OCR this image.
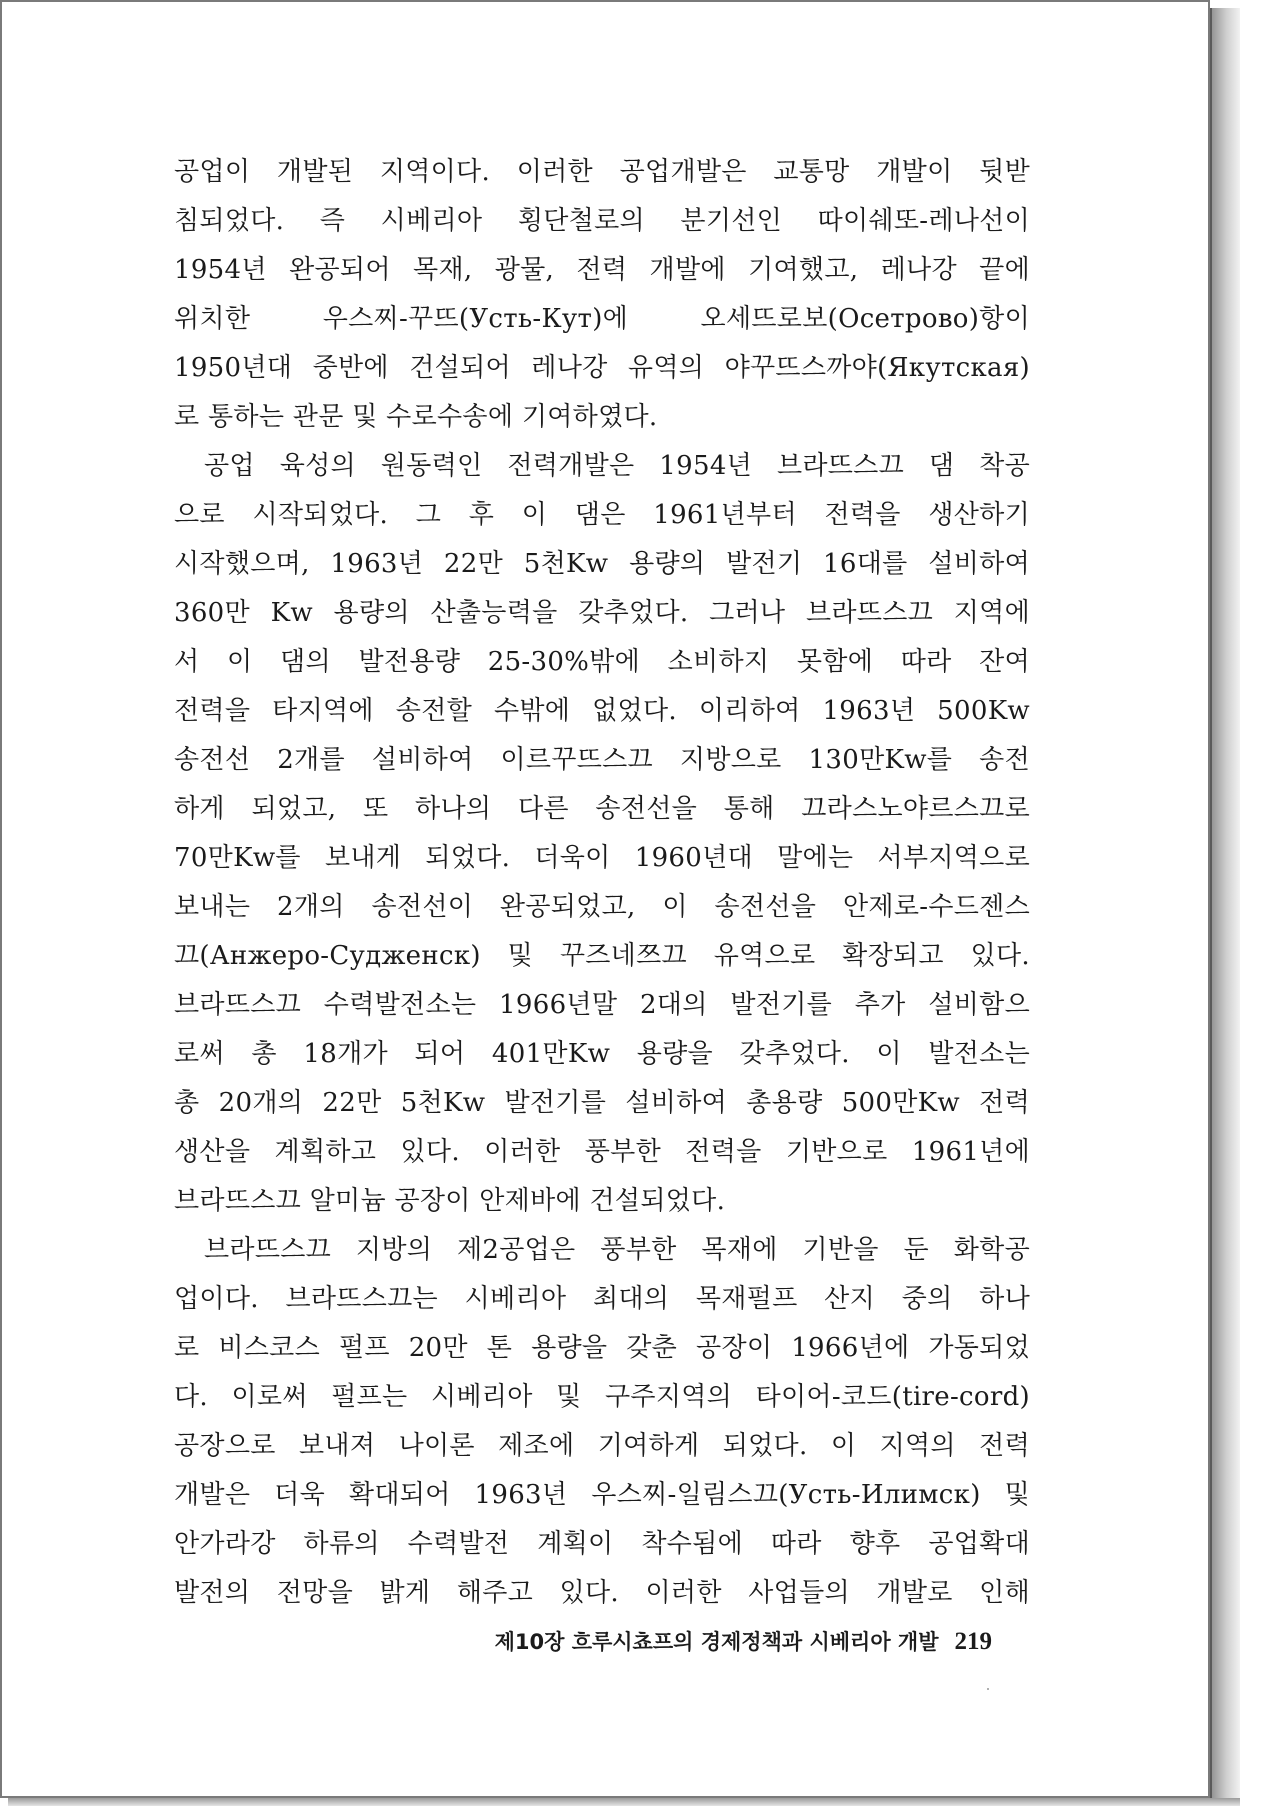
공업이 개발된 지역이다. 이러한 공업개발은 교통망 개발이 뒷받
침되었다. 즉 시베리아 횡단철로의 분기선인 따이쉐또-레나선이
1954년 완공되어 목재, 광물, 전력 개발에 기여했고, 레나강 끝에
위치한 우스찌-꾸뜨(Усть-Кут)에 오세뜨로보(Осетрово)항이
1950년대 중반에 건설되어 레나강 유역의 야꾸뜨스까야(Якутская)
로 통하는 관문 및 수로수송에 기여하였다.
공업 육성의 원동력인 전력개발은 1954년 브라뜨스끄 댐 착공
으로 시작되었다. 그 후 이 댐은 1961년부터 전력을 생산하기
시작했으며, 1963년 22만 5천Kw 용량의 발전기 16대를 설비하여
360만 Kw 용량의 산출능력을 갖추었다. 그러나 브라뜨스끄 지역에
서 이 댐의 발전용량 25-30%밖에 소비하지 못함에 따라 잔여
전력을 타지역에 송전할 수밖에 없었다. 이리하여 1963년 500Kw
송전선 2개를 설비하여 이르꾸뜨스끄 지방으로 130만Kw를 송전
하게 되었고, 또 하나의 다른 송전선을 통해 끄라스노야르스끄로
70만Kw를 보내게 되었다. 더욱이 1960년대 말에는 서부지역으로
보내는 2개의 송전선이 완공되었고, 이 송전선을 안제로-수드젠스
끄(Анжеро-Судженск) 및 꾸즈네쯔끄 유역으로 확장되고 있다.
브라뜨스끄 수력발전소는 1966년말 2대의 발전기를 추가 설비함으
로써 총 18개가 되어 401만Kw 용량을 갖추었다. 이 발전소는
총 20개의 22만 5천Kw 발전기를 설비하여 총용량 500만Kw 전력
생산을 계획하고 있다. 이러한 풍부한 전력을 기반으로 1961년에
브라뜨스끄 알미늄 공장이 안제바에 건설되었다.
브라뜨스끄 지방의 제2공업은 풍부한 목재에 기반을 둔 화학공
업이다. 브라뜨스끄는 시베리아 최대의 목재펄프 산지 중의 하나
로 비스코스 펄프 20만 톤 용량을 갖춘 공장이 1966년에 가동되었
다. 이로써 펄프는 시베리아 및 구주지역의 타이어-코드(tire-cord)
공장으로 보내져 나이론 제조에 기여하게 되었다. 이 지역의 전력
개발은 더욱 확대되어 1963년 우스찌-일림스끄(Усть-Илимск) 및
안가라강 하류의 수력발전 계획이 착수됨에 따라 향후 공업확대
발전의 전망을 밝게 해주고 있다. 이러한 사업들의 개발로 인해
제10장 흐루시쵸프의 경제정책과 시베리아 개발 219
